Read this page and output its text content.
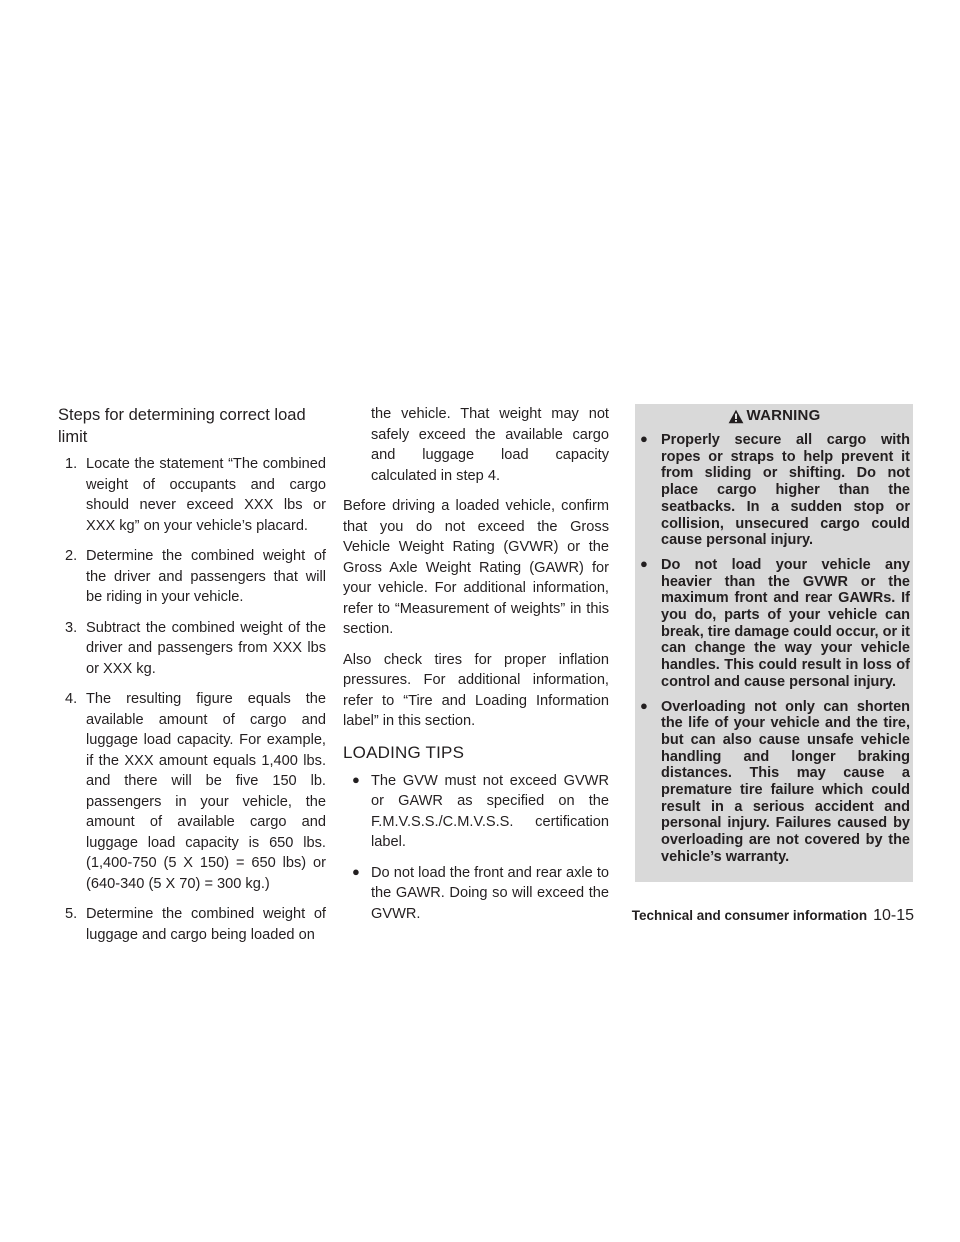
Steps for determining correct load limit
1. Locate the statement “The combined weight of occupants and cargo should never exceed XXX lbs or XXX kg” on your vehicle’s placard.
2. Determine the combined weight of the driver and passengers that will be riding in your vehicle.
3. Subtract the combined weight of the driver and passengers from XXX lbs or XXX kg.
4. The resulting figure equals the available amount of cargo and luggage load capacity. For example, if the XXX amount equals 1,400 lbs. and there will be five 150 lb. passengers in your vehicle, the amount of available cargo and luggage load capacity is 650 lbs. (1,400-750 (5 X 150) = 650 lbs) or (640-340 (5 X 70) = 300 kg.)
5. Determine the combined weight of luggage and cargo being loaded on
the vehicle. That weight may not safely exceed the available cargo and luggage load capacity calculated in step 4.

Before driving a loaded vehicle, confirm that you do not exceed the Gross Vehicle Weight Rating (GVWR) or the Gross Axle Weight Rating (GAWR) for your vehicle. For additional information, refer to “Measurement of weights” in this section.

Also check tires for proper inflation pressures. For additional information, refer to “Tire and Loading Information label” in this section.

LOADING TIPS
● The GVW must not exceed GVWR or GAWR as specified on the F.M.V.S.S./C.M.V.S.S. certification label.
● Do not load the front and rear axle to the GAWR. Doing so will exceed the GVWR.
WARNING
● Properly secure all cargo with ropes or straps to help prevent it from sliding or shifting. Do not place cargo higher than the seatbacks. In a sudden stop or collision, unsecured cargo could cause personal injury.
● Do not load your vehicle any heavier than the GVWR or the maximum front and rear GAWRs. If you do, parts of your vehicle can break, tire damage could occur, or it can change the way your vehicle handles. This could result in loss of control and cause personal injury.
● Overloading not only can shorten the life of your vehicle and the tire, but can also cause unsafe vehicle handling and longer braking distances. This may cause a premature tire failure which could result in a serious accident and personal injury. Failures caused by overloading are not covered by the vehicle’s warranty.
Technical and consumer information 10-15
